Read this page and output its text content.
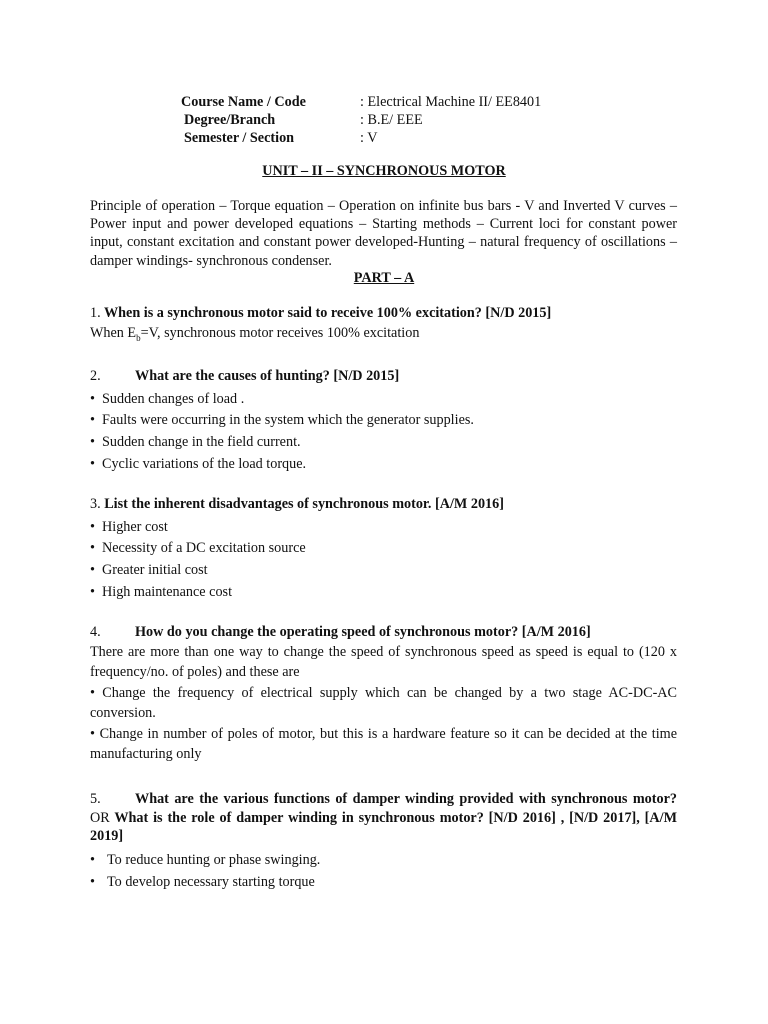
Course Name / Code	: Electrical Machine II/ EE8401
Degree/Branch	: B.E/ EEE
Semester / Section	: V
UNIT – II – SYNCHRONOUS MOTOR
Principle of operation – Torque equation – Operation on infinite bus bars - V and Inverted V curves – Power input and power developed equations – Starting methods – Current loci for constant power input, constant excitation and constant power developed-Hunting – natural frequency of oscillations – damper windings- synchronous condenser.
PART – A
1. When is a synchronous motor said to receive 100% excitation? [N/D 2015]
When $E_b=V$, synchronous motor receives 100% excitation
2. What are the causes of hunting? [N/D 2015]
• Sudden changes of load .
• Faults were occurring in the system which the generator supplies.
• Sudden change in the field current.
• Cyclic variations of the load torque.
3. List the inherent disadvantages of synchronous motor. [A/M 2016]
• Higher cost
• Necessity of a DC excitation source
• Greater initial cost
• High maintenance cost
4. How do you change the operating speed of synchronous motor? [A/M 2016]
There are more than one way to change the speed of synchronous speed as speed is equal to (120 x frequency/no. of poles) and these are
• Change the frequency of electrical supply which can be changed by a two stage AC-DC-AC conversion.
• Change in number of poles of motor, but this is a hardware feature so it can be decided at the time manufacturing only
5. What are the various functions of damper winding provided with synchronous motor? OR What is the role of damper winding in synchronous motor? [N/D 2016] , [N/D 2017], [A/M 2019]
• To reduce hunting or phase swinging.
• To develop necessary starting torque
